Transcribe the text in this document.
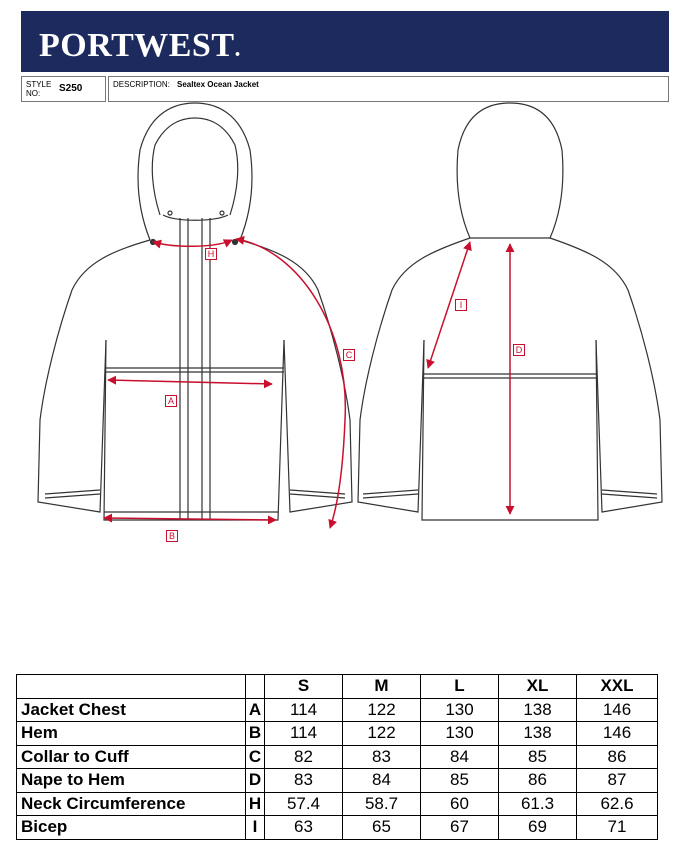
PORTWEST.
STYLE NO:	S250	DESCRIPTION: Sealtex Ocean Jacket
A
B
C	D
H
I
		S	M	L	XL	XXL
Jacket Chest	A	114	122	130	138	146
Hem	B	114	122	130	138	146
Collar to Cuff	C	82	83	84	85	86
Nape to Hem	D	83	84	85	86	87
Neck Circumference	H	57.4	58.7	60	61.3	62.6
Bicep	I	63	65	67	69	71
